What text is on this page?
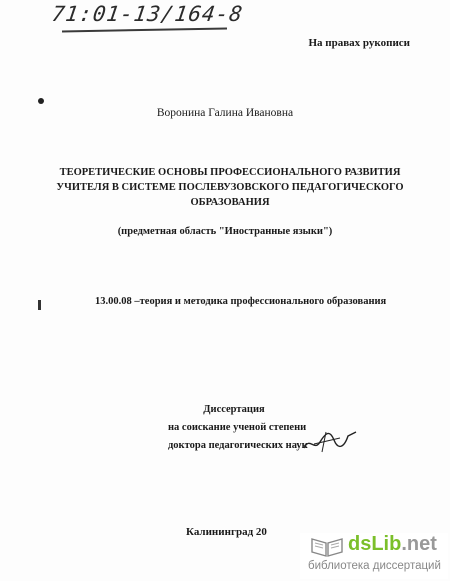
71:01-13/164-8
На правах рукописи
Воронина Галина Ивановна
ТЕОРЕТИЧЕСКИЕ ОСНОВЫ ПРОФЕССИОНАЛЬНОГО РАЗВИТИЯ
УЧИТЕЛЯ В СИСТЕМЕ ПОСЛЕВУЗОВСКОГО ПЕДАГОГИЧЕСКОГО
ОБРАЗОВАНИЯ
(предметная область "Иностранные языки")
13.00.08 –теория и методика профессионального образования
Диссертация
на соискание ученой степени
доктора педагогических наук
Калининград 20
dsLib.net
библиотека диссертаций
